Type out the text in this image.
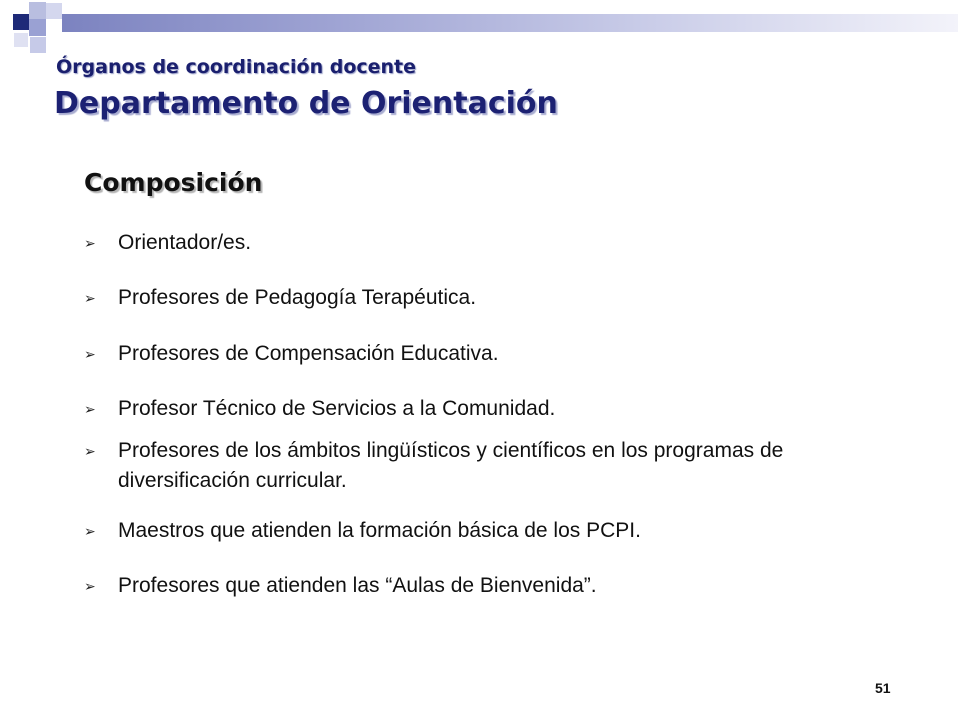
Órganos de coordinación docente
Departamento de Orientación
Composición
➢	Orientador/es.
➢	Profesores de Pedagogía Terapéutica.
➢	Profesores de Compensación Educativa.
➢	Profesor Técnico de Servicios a la Comunidad.
➢	Profesores de los ámbitos lingüísticos y científicos en los programas de diversificación curricular.
➢	Maestros que atienden la formación básica de los PCPI.
➢	Profesores que atienden las “Aulas de Bienvenida”.
51
